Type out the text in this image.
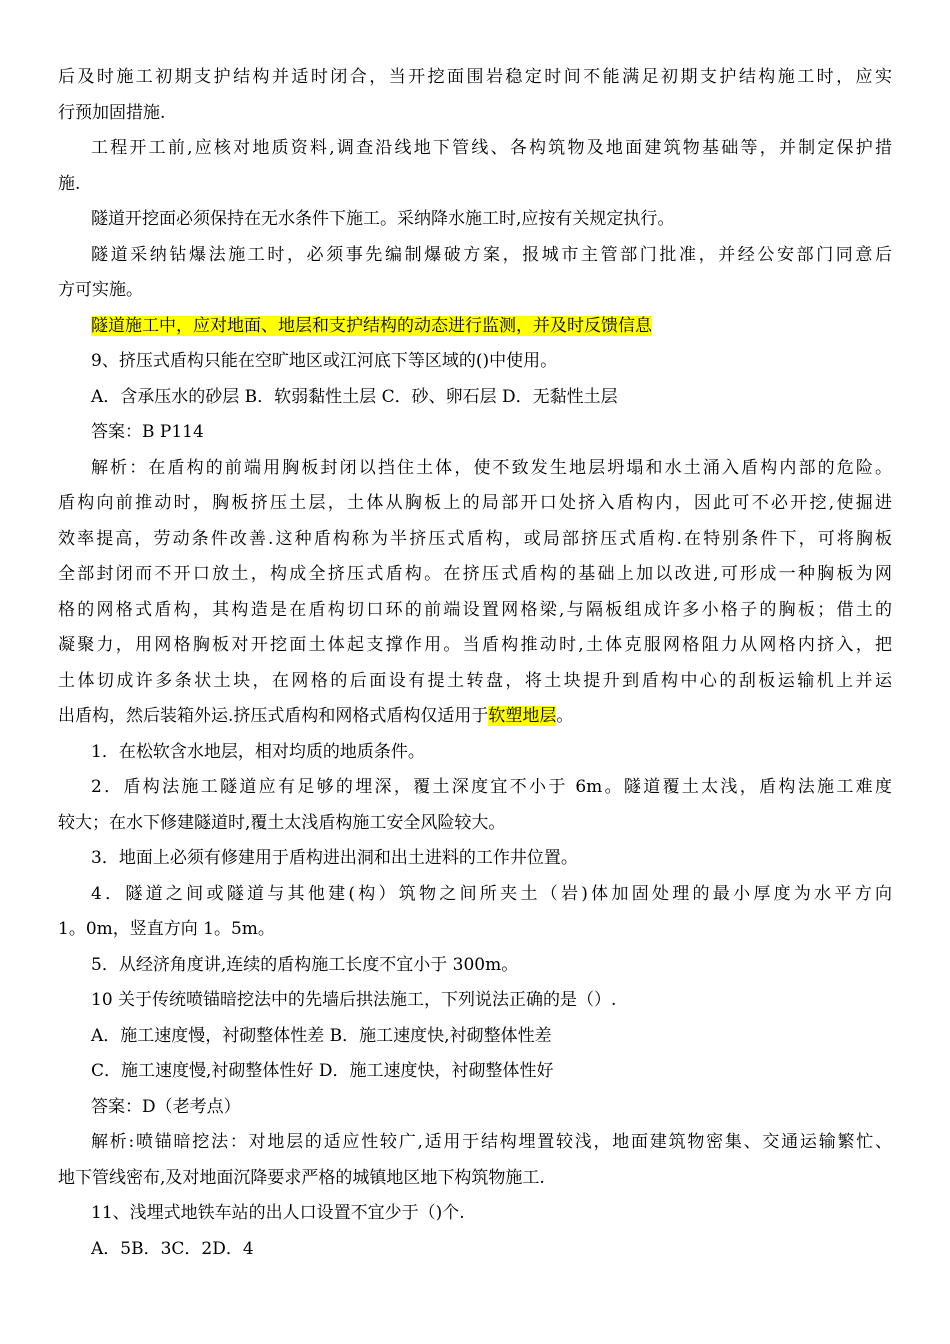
后及时施工初期支护结构并适时闭合，当开挖面围岩稳定时间不能满足初期支护结构施工时，应实
行预加固措施.
工程开工前,应核对地质资料,调查沿线地下管线、各构筑物及地面建筑物基础等，并制定保护措
施.
隧道开挖面必须保持在无水条件下施工。采纳降水施工时,应按有关规定执行。
隧道采纳钻爆法施工时，必须事先编制爆破方案，报城市主管部门批准，并经公安部门同意后
方可实施。
隧道施工中，应对地面、地层和支护结构的动态进行监测，并及时反馈信息
9、挤压式盾构只能在空旷地区或江河底下等区域的()中使用。
A．含承压水的砂层 B．软弱黏性土层 C．砂、卵石层 D．无黏性土层
答案：B P114
解析：在盾构的前端用胸板封闭以挡住土体，使不致发生地层坍塌和水土涌入盾构内部的危险。
盾构向前推动时，胸板挤压土层，土体从胸板上的局部开口处挤入盾构内，因此可不必开挖,使掘进
效率提高，劳动条件改善.这种盾构称为半挤压式盾构，或局部挤压式盾构.在特别条件下，可将胸板
全部封闭而不开口放土，构成全挤压式盾构。在挤压式盾构的基础上加以改进,可形成一种胸板为网
格的网格式盾构，其构造是在盾构切口环的前端设置网格梁,与隔板组成许多小格子的胸板；借土的
凝聚力，用网格胸板对开挖面土体起支撑作用。当盾构推动时,土体克服网格阻力从网格内挤入，把
土体切成许多条状土块，在网格的后面设有提土转盘，将土块提升到盾构中心的刮板运输机上并运
出盾构，然后装箱外运.挤压式盾构和网格式盾构仅适用于软塑地层。
1．在松软含水地层，相对均质的地质条件。
2．盾构法施工隧道应有足够的埋深，覆土深度宜不小于 6m。隧道覆土太浅，盾构法施工难度
较大；在水下修建隧道时,覆土太浅盾构施工安全风险较大。
3．地面上必须有修建用于盾构进出洞和出土进料的工作井位置。
4．隧道之间或隧道与其他建(构）筑物之间所夹土（岩)体加固处理的最小厚度为水平方向
1。0m，竖直方向 1。5m。
5．从经济角度讲,连续的盾构施工长度不宜小于 300m。
10 关于传统喷锚暗挖法中的先墙后拱法施工，下列说法正确的是（）.
A．施工速度慢，衬砌整体性差 B．施工速度快,衬砌整体性差
C．施工速度慢,衬砌整体性好 D．施工速度快，衬砌整体性好
答案：D（老考点）
解析:喷锚暗挖法：对地层的适应性较广,适用于结构埋置较浅，地面建筑物密集、交通运输繁忙、
地下管线密布,及对地面沉降要求严格的城镇地区地下构筑物施工.
11、浅埋式地铁车站的出人口设置不宜少于（)个.
A．5B．3C．2D．4
